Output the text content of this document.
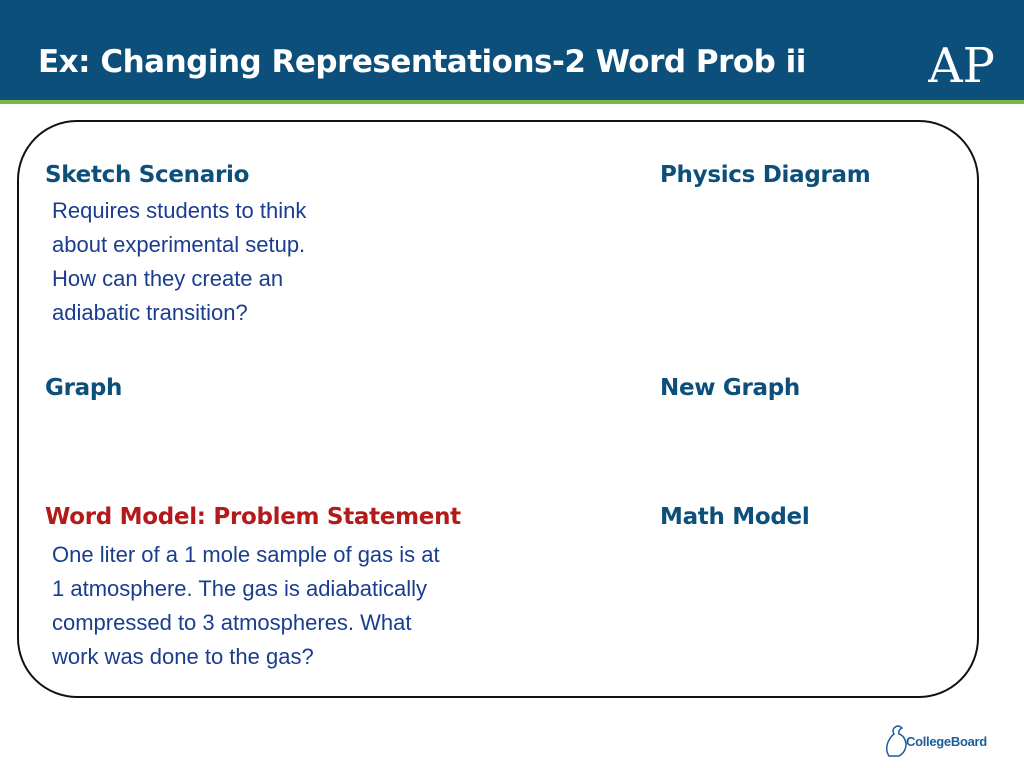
Ex: Changing Representations-2 Word Prob ii	AP
Sketch Scenario
Requires students to think
about experimental setup.
How can they create an
adiabatic transition?
Physics Diagram
Graph	New Graph
Word Model: Problem Statement
One liter of a 1 mole sample of gas is at
1 atmosphere. The gas is adiabatically
compressed to 3 atmospheres. What
work was done to the gas?
Math Model
CollegeBoard
